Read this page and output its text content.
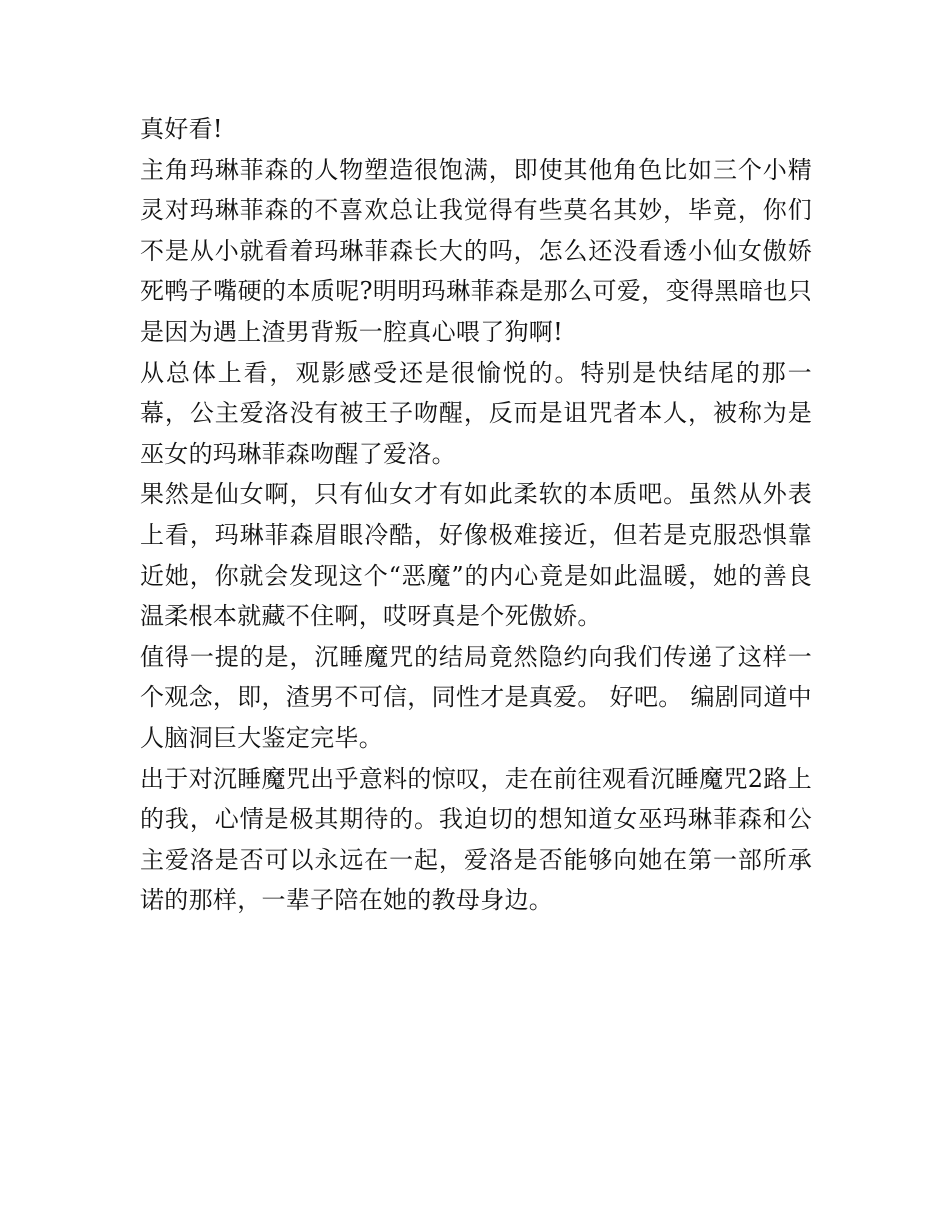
真好看!

主角玛琳菲森的人物塑造很饱满，即使其他角色比如三个小精灵对玛琳菲森的不喜欢总让我觉得有些莫名其妙，毕竟，你们不是从小就看着玛琳菲森长大的吗，怎么还没看透小仙女傲娇死鸭子嘴硬的本质呢?明明玛琳菲森是那么可爱，变得黑暗也只是因为遇上渣男背叛一腔真心喂了狗啊!

从总体上看，观影感受还是很愉悦的。特别是快结尾的那一幕，公主爱洛没有被王子吻醒，反而是诅咒者本人，被称为是巫女的玛琳菲森吻醒了爱洛。

果然是仙女啊，只有仙女才有如此柔软的本质吧。虽然从外表上看，玛琳菲森眉眼冷酷，好像极难接近，但若是克服恐惧靠近她，你就会发现这个“恶魔”的内心竟是如此温暖，她的善良温柔根本就藏不住啊，哎呀真是个死傲娇。

值得一提的是，沉睡魔咒的结局竟然隐约向我们传递了这样一个观念，即，渣男不可信，同性才是真爱。 好吧。 编剧同道中人脑洞巨大鉴定完毕。

出于对沉睡魔咒出乎意料的惊叹，走在前往观看沉睡魔咒2路上的我，心情是极其期待的。我迫切的想知道女巫玛琳菲森和公主爱洛是否可以永远在一起，爱洛是否能够向她在第一部所承诺的那样，一辈子陪在她的教母身边。
